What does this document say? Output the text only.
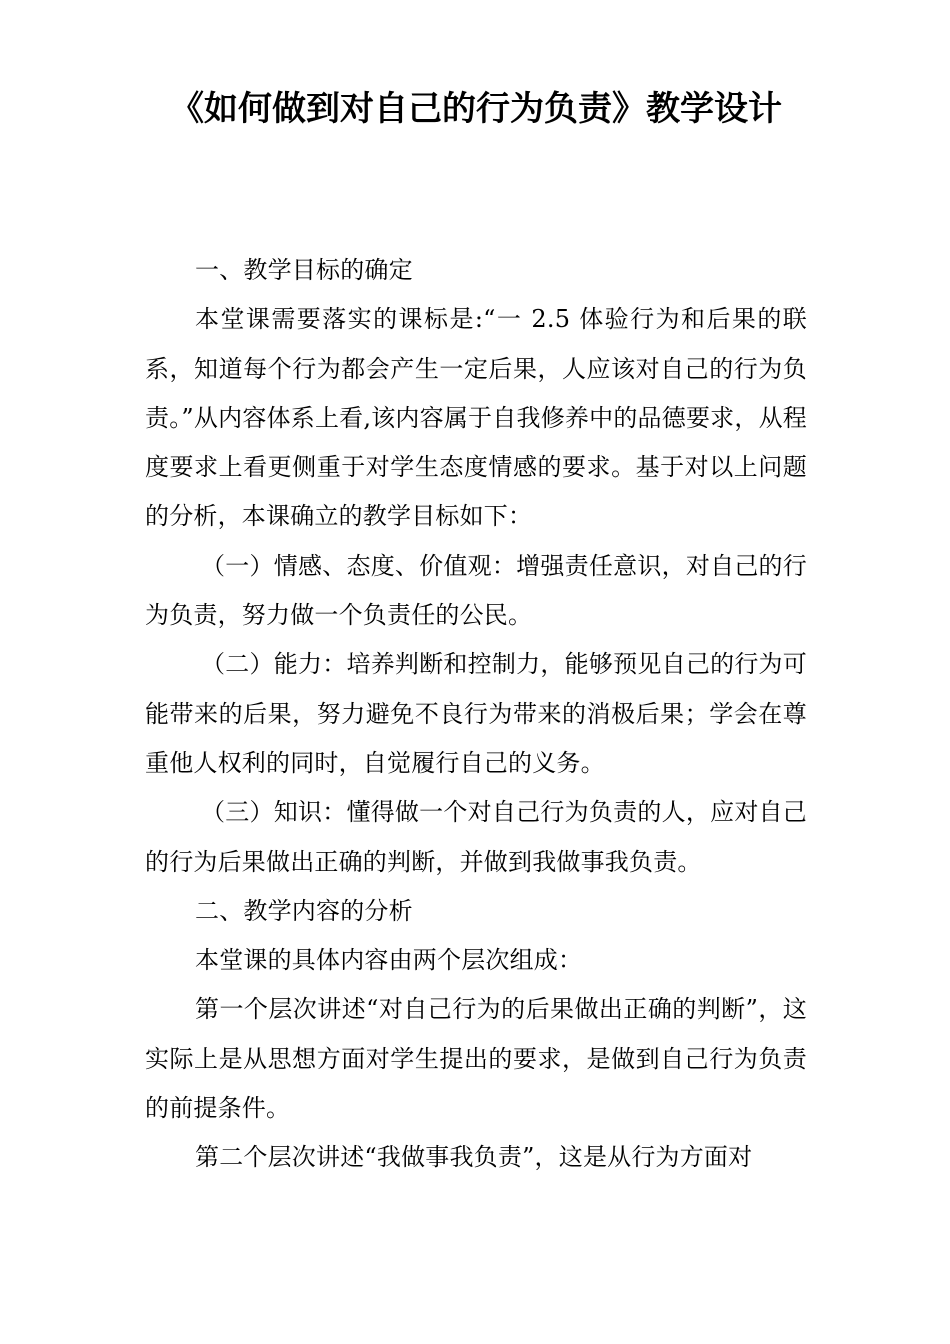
《如何做到对自己的行为负责》教学设计

一、教学目标的确定

本堂课需要落实的课标是:“一 2.5 体验行为和后果的联系，知道每个行为都会产生一定后果，人应该对自己的行为负责。”从内容体系上看,该内容属于自我修养中的品德要求，从程度要求上看更侧重于对学生态度情感的要求。基于对以上问题的分析，本课确立的教学目标如下：

（一）情感、态度、价值观：增强责任意识，对自己的行为负责，努力做一个负责任的公民。

（二）能力：培养判断和控制力，能够预见自己的行为可能带来的后果，努力避免不良行为带来的消极后果；学会在尊重他人权利的同时，自觉履行自己的义务。

（三）知识：懂得做一个对自己行为负责的人，应对自己的行为后果做出正确的判断，并做到我做事我负责。

二、教学内容的分析

本堂课的具体内容由两个层次组成：

第一个层次讲述“对自己行为的后果做出正确的判断”，这实际上是从思想方面对学生提出的要求，是做到自己行为负责的前提条件。

第二个层次讲述“我做事我负责”，这是从行为方面对
